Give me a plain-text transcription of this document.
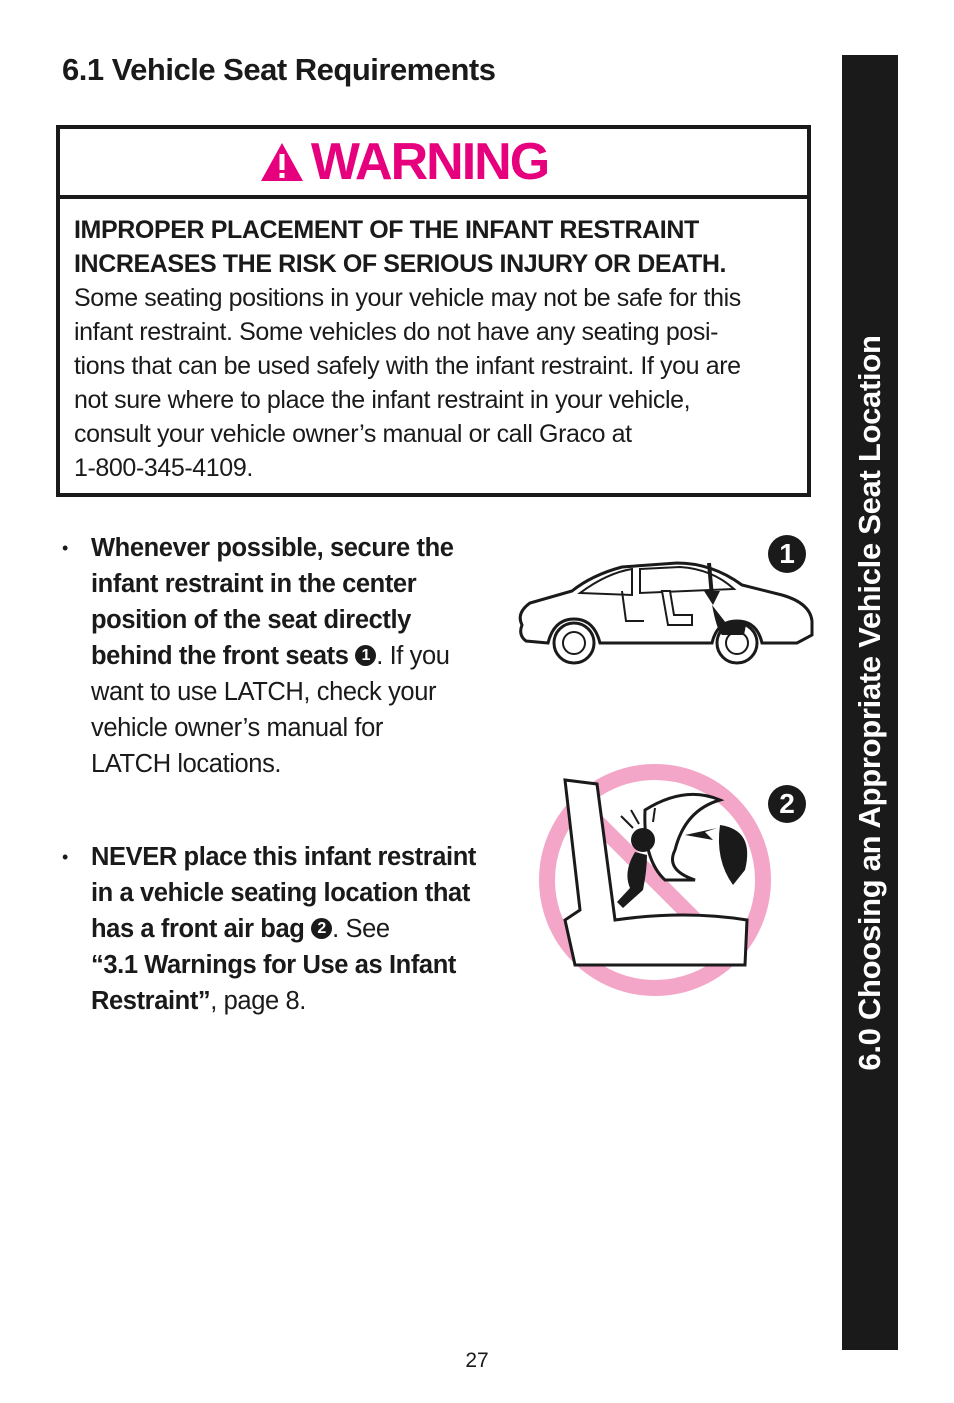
6.1 Vehicle Seat Requirements
WARNING
IMPROPER PLACEMENT OF THE INFANT RESTRAINT
INCREASES THE RISK OF SERIOUS INJURY OR DEATH.
Some seating positions in your vehicle may not be safe for this
infant restraint. Some vehicles do not have any seating posi-
tions that can be used safely with the infant restraint. If you are
not sure where to place the infant restraint in your vehicle,
consult your vehicle owner’s manual or call Graco at
1-800-345-4109.
• Whenever possible, secure the
infant restraint in the center
position of the seat directly
behind the front seats 1 . If you
want to use LATCH, check your
vehicle owner’s manual for
LATCH locations.
• NEVER place this infant restraint
in a vehicle seating location that
has a front air bag 2 . See
“3.1 Warnings for Use as Infant
Restraint”, page 8.
1
2	6.0 Choosing an Appropriate Vehicle Seat Location
27
